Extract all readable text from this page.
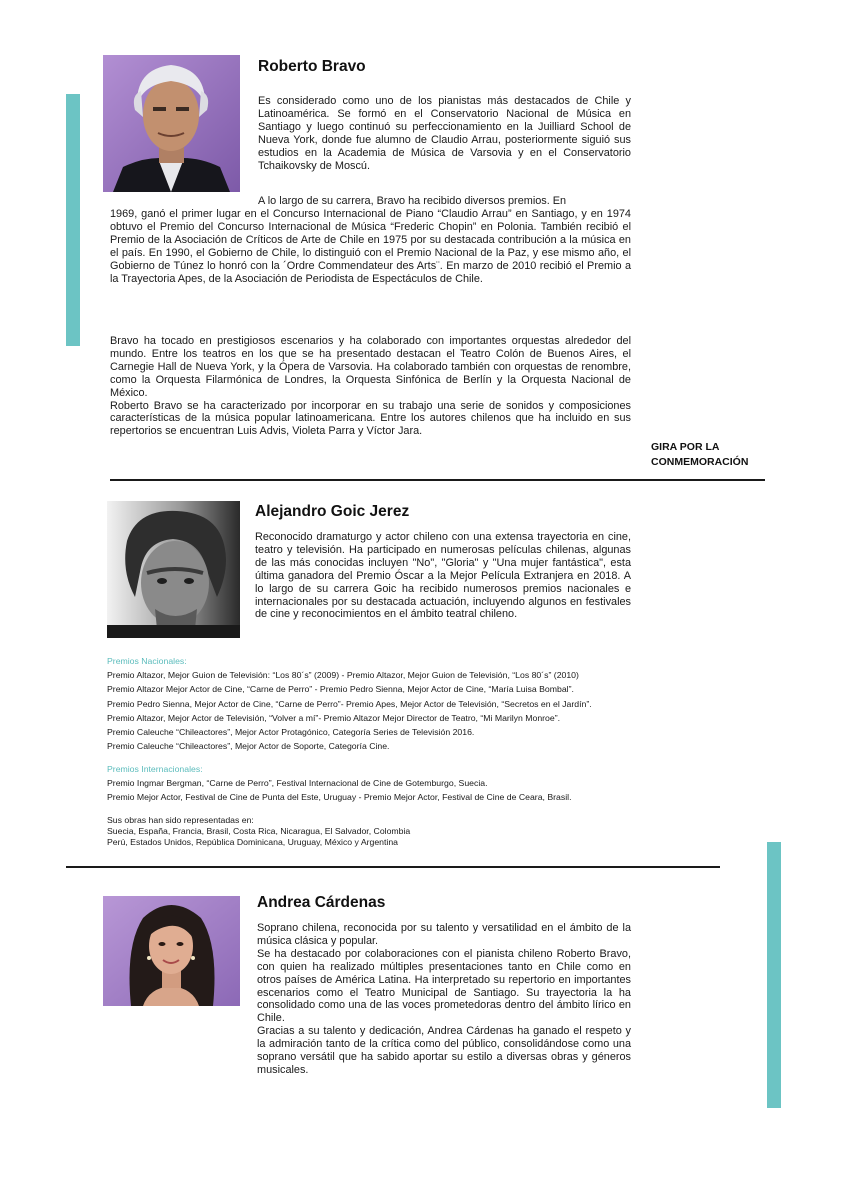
Roberto Bravo
Es considerado como uno de los pianistas más destacados de Chile y Latinoamérica. Se formó en el Conservatorio Nacional de Música en Santiago y luego continuó su perfeccionamiento en la Juilliard School de Nueva York, donde fue alumno de Claudio Arrau, posteriormente siguió sus estudios en la Academia de Música de Varsovia y en el Conservatorio Tchaikovsky de Moscú.
A lo largo de su carrera, Bravo ha recibido diversos premios. En
1969, ganó el primer lugar en el Concurso Internacional de Piano “Claudio Arrau” en Santiago, y en 1974 obtuvo el Premio del Concurso Internacional de Música “Frederic Chopin” en Polonia. También recibió el Premio de la Asociación de Críticos de Arte de Chile en 1975 por su destacada contribución a la música en el país. En 1990, el Gobierno de Chile, lo distinguió con el Premio Nacional de la Paz, y ese mismo año, el Gobierno de Túnez lo honró con la ´Ordre Commendateur des Arts¨. En marzo de 2010 recibió el Premio a la Trayectoria Apes, de la Asociación de Periodista de Espectáculos de Chile.

Bravo ha tocado en prestigiosos escenarios y ha colaborado con importantes orquestas alrededor del mundo. Entre los teatros en los que se ha presentado destacan el Teatro Colón de Buenos Aires, el Carnegie Hall de Nueva York, y la Ópera de Varsovia. Ha colaborado también con orquestas de renombre, como la Orquesta Filarmónica de Londres, la Orquesta Sinfónica de Berlín y la Orquesta Nacional de México.

Roberto Bravo se ha caracterizado por incorporar en su trabajo una serie de sonidos y composiciones características de la música popular latinoamericana. Entre los autores chilenos que ha incluido en sus repertorios se encuentran Luis Advis, Violeta Parra y Víctor Jara.

GIRA POR LA
CONMEMORACIÓN
Alejandro Goic Jerez
Reconocido dramaturgo y actor chileno con una extensa trayectoria en cine, teatro y televisión. Ha participado en numerosas películas chilenas, algunas de las más conocidas incluyen "No", "Gloria" y "Una mujer fantástica", esta última ganadora del Premio Óscar a la Mejor Película Extranjera en 2018. A lo largo de su carrera Goic ha recibido numerosos premios nacionales e internacionales por su destacada actuación, incluyendo algunos en festivales de cine y reconocimientos en el ámbito teatral chileno.
Premios Nacionales:
Premio Altazor, Mejor Guion de Televisión: “Los 80´s” (2009) - Premio Altazor, Mejor Guion de Televisión, “Los 80´s” (2010)
Premio Altazor Mejor Actor de Cine, “Carne de Perro” - Premio Pedro Sienna, Mejor Actor de Cine, “María Luisa Bombal”.
Premio Pedro Sienna, Mejor Actor de Cine, “Carne de Perro”- Premio Apes, Mejor Actor de Televisión, “Secretos en el Jardín”.
Premio Altazor, Mejor Actor de Televisión, “Volver a mí”- Premio Altazor Mejor Director de Teatro, “Mi Marilyn Monroe”.
Premio Caleuche “Chileactores”, Mejor Actor Protagónico, Categoría Series de Televisión 2016.
Premio Caleuche “Chileactores”, Mejor Actor de Soporte, Categoría Cine.
Premios Internacionales:
Premio Ingmar Bergman, “Carne de Perro”, Festival Internacional de Cine de Gotemburgo, Suecia.
Premio Mejor Actor, Festival de Cine de Punta del Este, Uruguay - Premio Mejor Actor, Festival de Cine de Ceara, Brasil.
Sus obras han sido representadas en:
Suecia, España, Francia, Brasil, Costa Rica, Nicaragua, El Salvador, Colombia
Perú, Estados Unidos, República Dominicana, Uruguay, México y Argentina
Andrea Cárdenas

Soprano chilena, reconocida por su talento y versatilidad en el ámbito de la música clásica y popular.

Se ha destacado por colaboraciones con el pianista chileno Roberto Bravo, con quien ha realizado múltiples presentaciones tanto en Chile como en otros países de América Latina. Ha interpretado su repertorio en importantes escenarios como el Teatro Municipal de Santiago. Su trayectoria la ha consolidado como una de las voces prometedoras dentro del ámbito lírico en Chile.

Gracias a su talento y dedicación, Andrea Cárdenas ha ganado el respeto y la admiración tanto de la crítica como del público, consolidándose como una soprano versátil que ha sabido aportar su estilo a diversas obras y géneros musicales.
